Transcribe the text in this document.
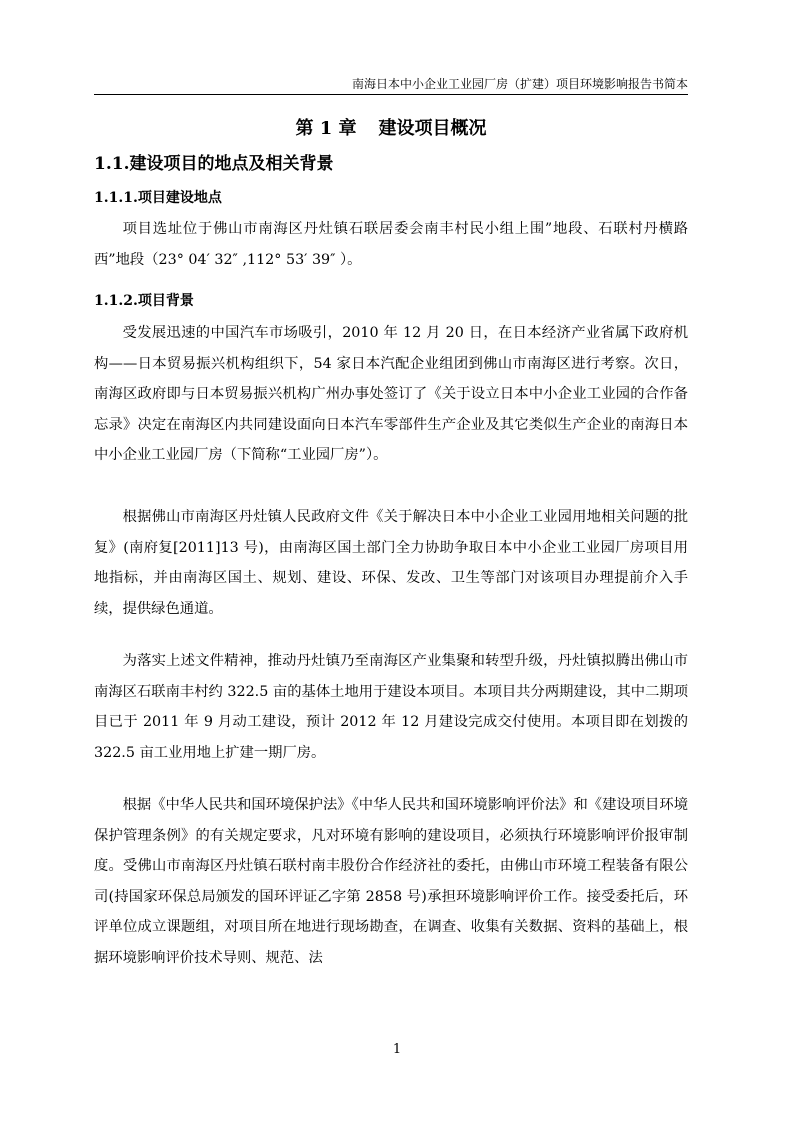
南海日本中小企业工业园厂房（扩建）项目环境影响报告书简本
第 1 章 建设项目概况
1.1.建设项目的地点及相关背景
1.1.1.项目建设地点

项目选址位于佛山市南海区丹灶镇石联居委会南丰村民小组上围”地段、石联村丹横路西”地段（23° 04′ 32″ ,112° 53′ 39″ ）。

1.1.2.项目背景

受发展迅速的中国汽车市场吸引，2010 年 12 月 20 日，在日本经济产业省属下政府机构——日本贸易振兴机构组织下，54 家日本汽配企业组团到佛山市南海区进行考察。次日，南海区政府即与日本贸易振兴机构广州办事处签订了《关于设立日本中小企业工业园的合作备忘录》决定在南海区内共同建设面向日本汽车零部件生产企业及其它类似生产企业的南海日本中小企业工业园厂房（下简称“工业园厂房”）。

根据佛山市南海区丹灶镇人民政府文件《关于解决日本中小企业工业园用地相关问题的批复》(南府复[2011]13 号)，由南海区国土部门全力协助争取日本中小企业工业园厂房项目用地指标，并由南海区国土、规划、建设、环保、发改、卫生等部门对该项目办理提前介入手续，提供绿色通道。

为落实上述文件精神，推动丹灶镇乃至南海区产业集聚和转型升级，丹灶镇拟腾出佛山市南海区石联南丰村约 322.5 亩的基体土地用于建设本项目。本项目共分两期建设，其中二期项目已于 2011 年 9 月动工建设，预计 2012 年 12 月建设完成交付使用。本项目即在划拨的 322.5 亩工业用地上扩建一期厂房。

根据《中华人民共和国环境保护法》《中华人民共和国环境影响评价法》和《建设项目环境保护管理条例》的有关规定要求，凡对环境有影响的建设项目，必须执行环境影响评价报审制度。受佛山市南海区丹灶镇石联村南丰股份合作经济社的委托，由佛山市环境工程装备有限公司(持国家环保总局颁发的国环评证乙字第 2858 号)承担环境影响评价工作。接受委托后，环评单位成立课题组，对项目所在地进行现场勘查，在调查、收集有关数据、资料的基础上，根据环境影响评价技术导则、规范、法

1
